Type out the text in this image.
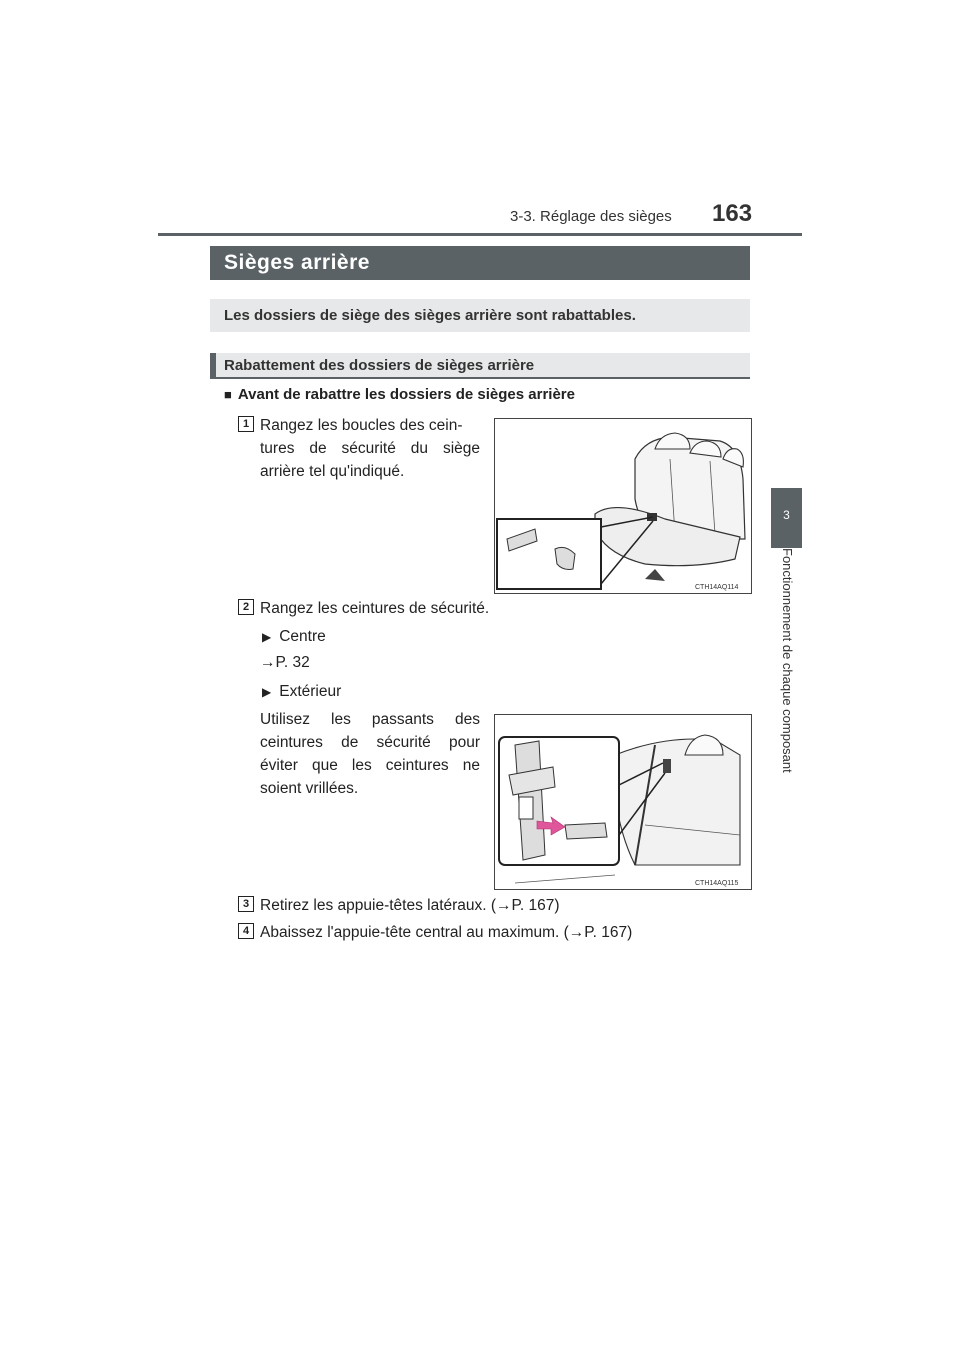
3-3. Réglage des sièges 163
3
Fonctionnement de chaque composant
Sièges arrière
Les dossiers de siège des sièges arrière sont rabattables.
Rabattement des dossiers de sièges arrière
■ Avant de rabattre les dossiers de sièges arrière
1 Rangez les boucles des cein-
tures de sécurité du siège
arrière tel qu'indiqué.
CTH14AQ114
2 Rangez les ceintures de sécurité.
▶ Centre
→P. 32
▶ Extérieur
Utilisez les passants des
ceintures de sécurité pour
éviter que les ceintures ne
soient vrillées.
CTH14AQ115
3 Retirez les appuie-têtes latéraux. (→P. 167)
4 Abaissez l'appuie-tête central au maximum. (→P. 167)
